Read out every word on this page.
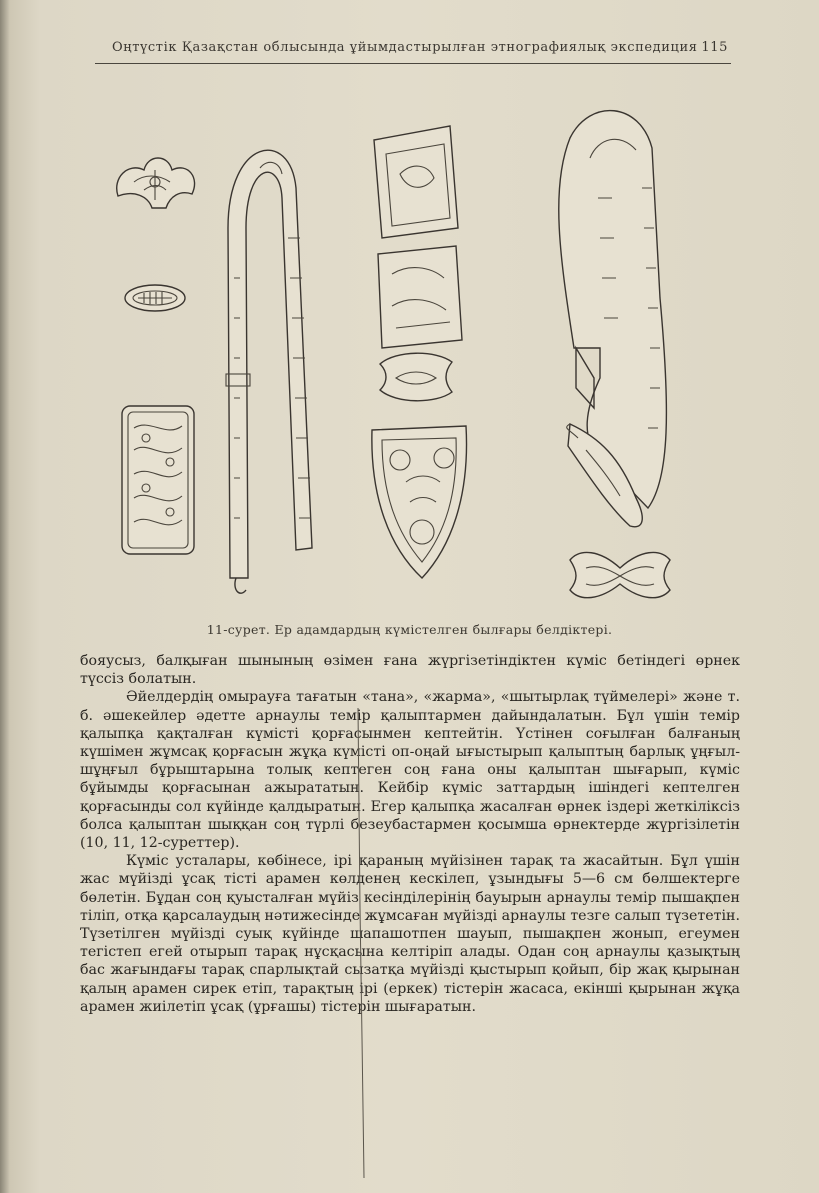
Оңтүстік Қазақстан облысында ұйымдастырылған этнографиялық экспедиция 115
11-сурет. Ер адамдардың күмістелген былғары белдіктері.

бояусыз, балқыған шынының өзімен ғана жүргізетіндіктен күміс бетіндегі өрнек түссіз болатын.

Әйелдердің омырауға тағатын «тана», «жарма», «шытырлақ түймелері» және т. б. әшекейлер әдетте арнаулы темір қалыптармен дайындалатын. Бұл үшін темір қалыпқа қақталған күмісті қорғасынмен кептейтін. Үстінен соғылған балғаның күшімен жұмсақ қорғасын жұқа күмісті оп-оңай ығыстырып қалыптың барлық ұңғыл-шұңғыл бұрыштарына толық кептеген соң ғана оны қалыптан шығарып, күміс бұйымды қорғасынан ажырататын. Кейбір күміс заттардың ішіндегі кептелген қорғасынды сол күйінде қалдыратын. Егер қалыпқа жасалған өрнек іздері жеткіліксіз болса қалыптан шыққан соң түрлі безеубастармен қосымша өрнектерде жүргізілетін (10, 11, 12-суреттер).

Күміс усталары, көбінесе, ірі қараның мүйізінен тарақ та жасайтын. Бұл үшін жас мүйізді ұсақ тісті арамен көлденең кескілеп, ұзындығы 5—6 см бөлшектерге бөлетін. Бұдан соң қуысталған мүйіз кесінділерінің бауырын арнаулы темір пышақпен тіліп, отқа қарсалаудың нәтижесінде жұмсаған мүйізді арнаулы тезге салып түзететін. Түзетілген мүйізді суық күйінде шапашотпен шауып, пышақпен жонып, егеумен тегістеп егей отырып тарақ нұсқасына келтіріп алады. Одан соң арнаулы қазықтың бас жағындағы тарақ спарлықтай сызатқа мүйізді қыстырып қойып, бір жақ қырынан қалың арамен сирек етіп, тарақтың ірі (еркек) тістерін жасаса, екінші қырынан жұқа арамен жиілетіп ұсақ (ұрғашы) тістерін шығаратын.
